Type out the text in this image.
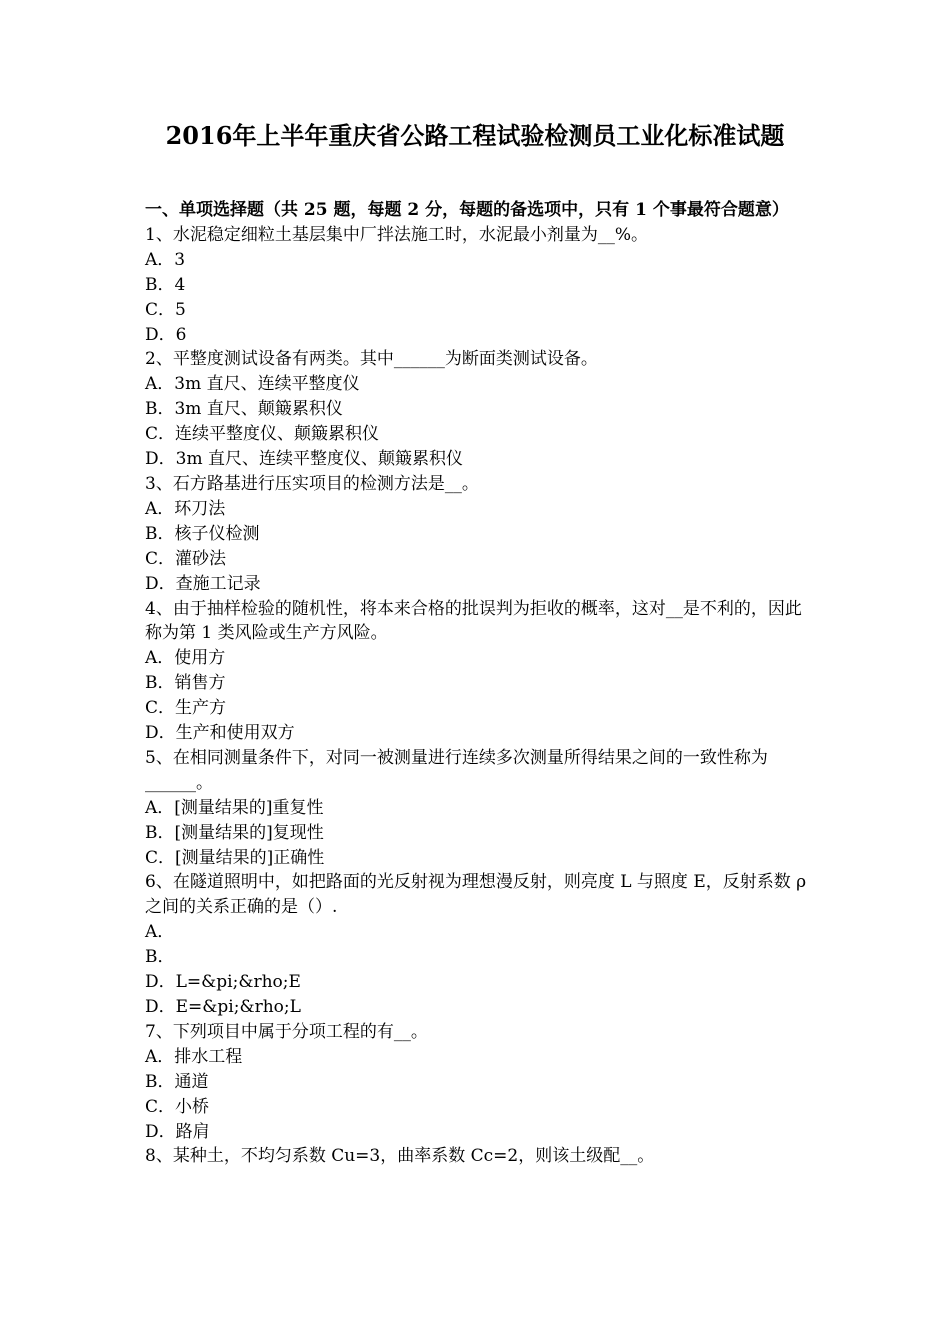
2016年上半年重庆省公路工程试验检测员工业化标准试题

一、单项选择题（共 25 题，每题 2 分，每题的备选项中，只有 1 个事最符合题意）

1、水泥稳定细粒土基层集中厂拌法施工时，水泥最小剂量为__%。

A．3

B．4

C．5

D．6

2、平整度测试设备有两类。其中______为断面类测试设备。

A．3m 直尺、连续平整度仪

B．3m 直尺、颠簸累积仪

C．连续平整度仪、颠簸累积仪

D．3m 直尺、连续平整度仪、颠簸累积仪

3、石方路基进行压实项目的检测方法是__。

A．环刀法

B．核子仪检测

C．灌砂法

D．查施工记录

4、由于抽样检验的随机性，将本来合格的批误判为拒收的概率，这对__是不利的，因此称为第 1 类风险或生产方风险。

A．使用方

B．销售方

C．生产方

D．生产和使用双方

5、在相同测量条件下，对同一被测量进行连续多次测量所得结果之间的一致性称为______。

A．[测量结果的]重复性

B．[测量结果的]复现性

C．[测量结果的]正确性

6、在隧道照明中，如把路面的光反射视为理想漫反射，则亮度 L 与照度 E，反射系数 ρ 之间的关系正确的是（）.

A．

B．

D．L=&pi;&rho;E

D．E=&pi;&rho;L

7、下列项目中属于分项工程的有__。

A．排水工程

B．通道

C．小桥

D．路肩

8、某种土，不均匀系数 Cu=3，曲率系数 Cc=2，则该土级配__。
